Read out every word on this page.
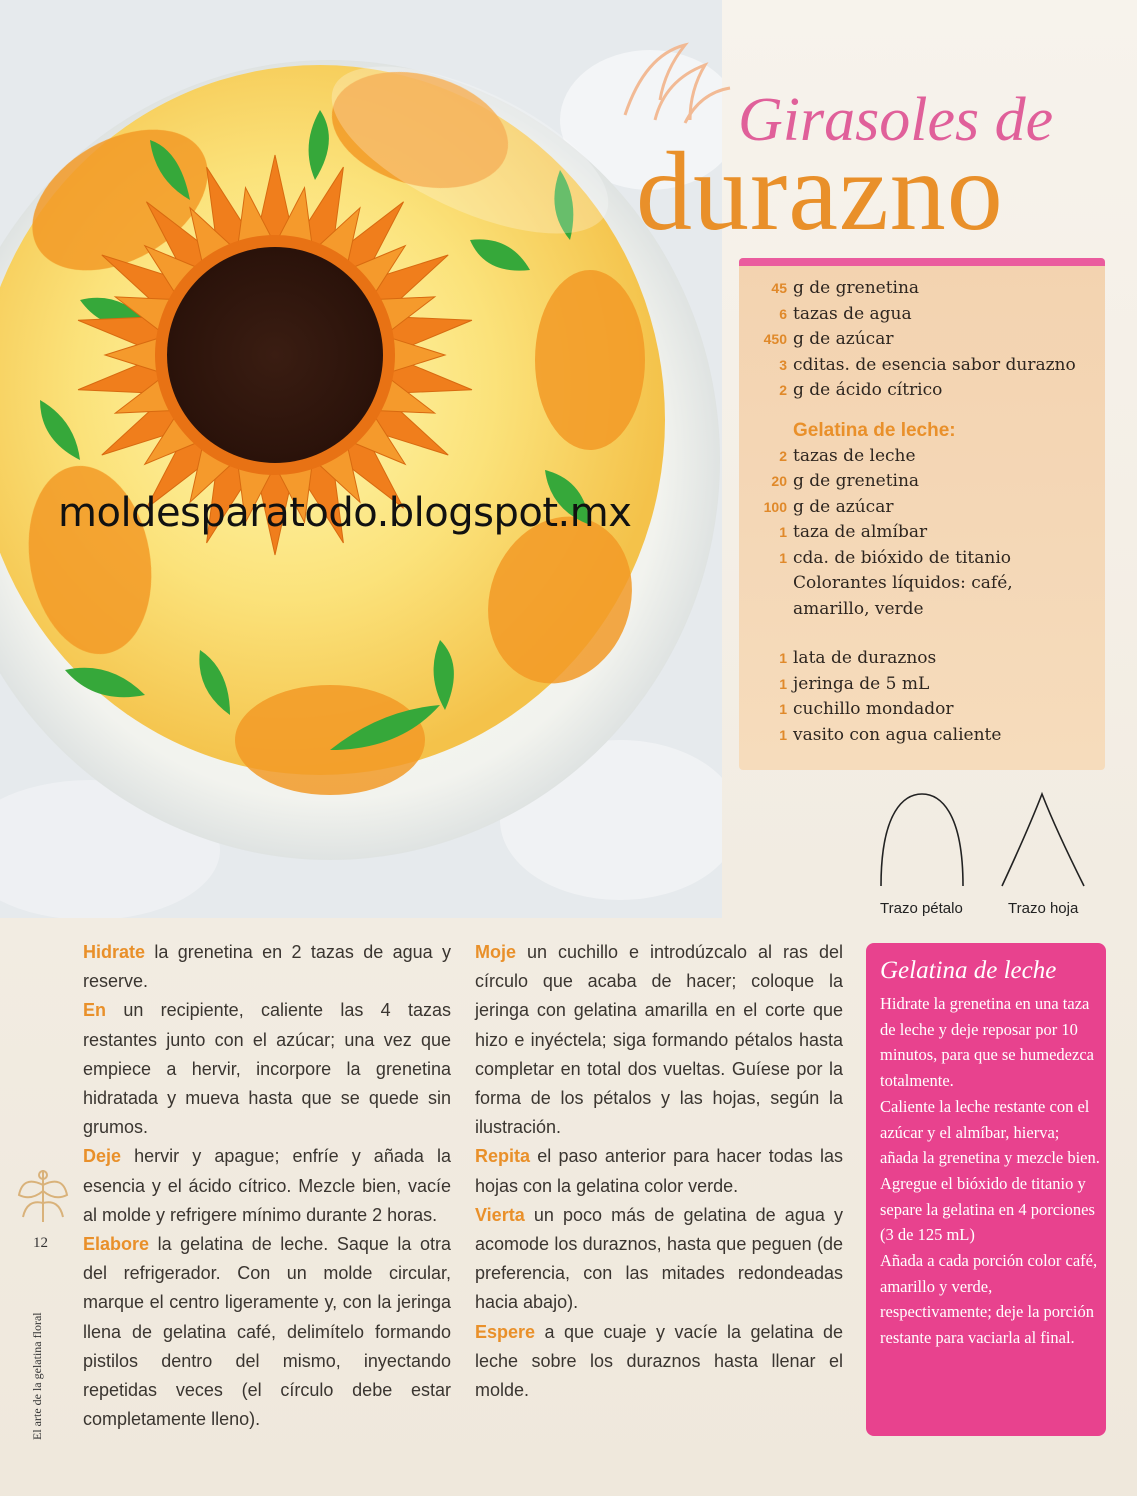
moldesparatodo.blogspot.mx
Girasoles de
durazno
45 g de grenetina
6 tazas de agua
450 g de azúcar
3 cditas. de esencia sabor durazno
2 g de ácido cítrico
Gelatina de leche:
2 tazas de leche
20 g de grenetina
100 g de azúcar
1 taza de almíbar
1 cda. de bióxido de titanio
Colorantes líquidos: café,
amarillo, verde
1 lata de duraznos
1 jeringa de 5 mL
1 cuchillo mondador
1 vasito con agua caliente
Trazo pétalo	Trazo hoja

Hidrate la grenetina en 2 tazas de agua y reserve.

En un recipiente, caliente las 4 tazas restantes junto con el azúcar; una vez que empiece a hervir, incorpore la grenetina hidratada y mueva hasta que se quede sin grumos.

Deje hervir y apague; enfríe y añada la esencia y el ácido cítrico. Mezcle bien, vacíe al molde y refrigere mínimo durante 2 horas.

Elabore la gelatina de leche. Saque la otra del refrigerador. Con un molde circular, marque el centro ligeramente y, con la jeringa llena de gelatina café, delimítelo formando pistilos dentro del mismo, inyectando repetidas veces (el círculo debe estar completamente lleno).

Moje un cuchillo e introdúzcalo al ras del círculo que acaba de hacer; coloque la jeringa con gelatina amarilla en el corte que hizo e inyéctela; siga formando pétalos hasta completar en total dos vueltas. Guíese por la forma de los pétalos y las hojas, según la ilustración.

Repita el paso anterior para hacer todas las hojas con la gelatina color verde.

Vierta un poco más de gelatina de agua y acomode los duraznos, hasta que peguen (de preferencia, con las mitades redondeadas hacia abajo).

Espere a que cuaje y vacíe la gelatina de leche sobre los duraznos hasta llenar el molde.

Gelatina de leche

Hidrate la grenetina en una taza de leche y deje reposar por 10 minutos, para que se humedezca totalmente.

Caliente la leche restante con el azúcar y el almíbar, hierva; añada la grenetina y mezcle bien. Agregue el bióxido de titanio y separe la gelatina en 4 porciones (3 de 125 mL)

Añada a cada porción color café, amarillo y verde, respectivamente; deje la porción restante para vaciarla al final.

12
El arte de la gelatina floral
